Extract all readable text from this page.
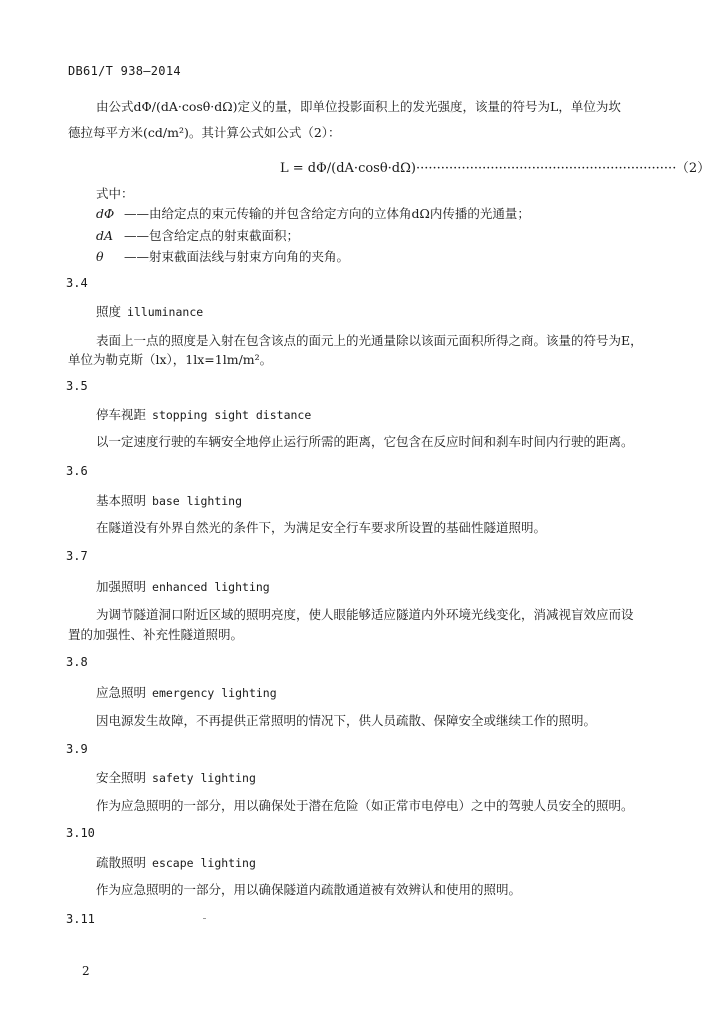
DB61/T 938—2014
由公式dΦ/(dA·cosθ·dΩ)定义的量，即单位投影面积上的发光强度，该量的符号为L，单位为坎
德拉每平方米(cd/m²)。其计算公式如公式（2）：
L = dΦ/(dA·cosθ·dΩ)······························································· （2）
式中：
dΦ ——由给定点的束元传输的并包含给定方向的立体角dΩ内传播的光通量；
dA ——包含给定点的射束截面积；
θ ——射束截面法线与射束方向角的夹角。
3.4
照度 illuminance
表面上一点的照度是入射在包含该点的面元上的光通量除以该面元面积所得之商。该量的符号为E，
单位为勒克斯（lx），1lx=1lm/m²。
3.5
停车视距 stopping sight distance
以一定速度行驶的车辆安全地停止运行所需的距离，它包含在反应时间和刹车时间内行驶的距离。
3.6
基本照明 base lighting
在隧道没有外界自然光的条件下，为满足安全行车要求所设置的基础性隧道照明。
3.7
加强照明 enhanced lighting
为调节隧道洞口附近区域的照明亮度，使人眼能够适应隧道内外环境光线变化，消减视盲效应而设
置的加强性、补充性隧道照明。
3.8
应急照明 emergency lighting
因电源发生故障，不再提供正常照明的情况下，供人员疏散、保障安全或继续工作的照明。
3.9
安全照明 safety lighting
作为应急照明的一部分，用以确保处于潜在危险（如正常市电停电）之中的驾驶人员安全的照明。
3.10
疏散照明 escape lighting
作为应急照明的一部分，用以确保隧道内疏散通道被有效辨认和使用的照明。
3.11
2
